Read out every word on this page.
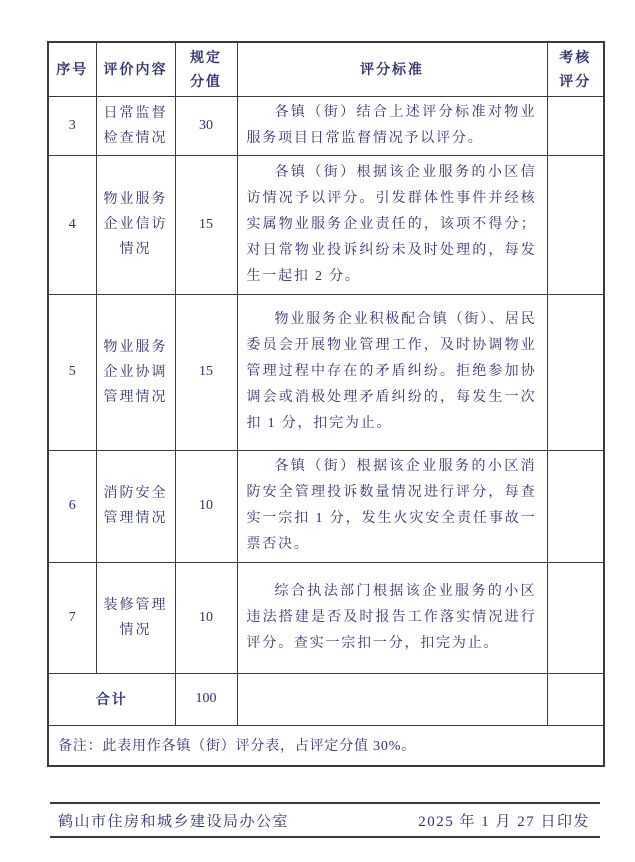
序号	评价内容	规定分值	评分标准	考核评分
3	日常监督检查情况	30	各镇（街）结合上述评分标准对物业服务项目日常监督情况予以评分。	
4	物业服务企业信访情况	15	各镇（街）根据该企业服务的小区信访情况予以评分。引发群体性事件并经核实属物业服务企业责任的，该项不得分；对日常物业投诉纠纷未及时处理的，每发生一起扣 2 分。	
5	物业服务企业协调管理情况	15	物业服务企业积极配合镇（街）、居民委员会开展物业管理工作，及时协调物业管理过程中存在的矛盾纠纷。拒绝参加协调会或消极处理矛盾纠纷的，每发生一次扣 1 分，扣完为止。	
6	消防安全管理情况	10	各镇（街）根据该企业服务的小区消防安全管理投诉数量情况进行评分，每查实一宗扣 1 分，发生火灾安全责任事故一票否决。	
7	装修管理情况	10	综合执法部门根据该企业服务的小区违法搭建是否及时报告工作落实情况进行评分。查实一宗扣一分，扣完为止。	
合计		100		
备注：此表用作各镇（街）评分表，占评定分值 30%。				
鹤山市住房和城乡建设局办公室	2025 年 1 月 27 日印发
